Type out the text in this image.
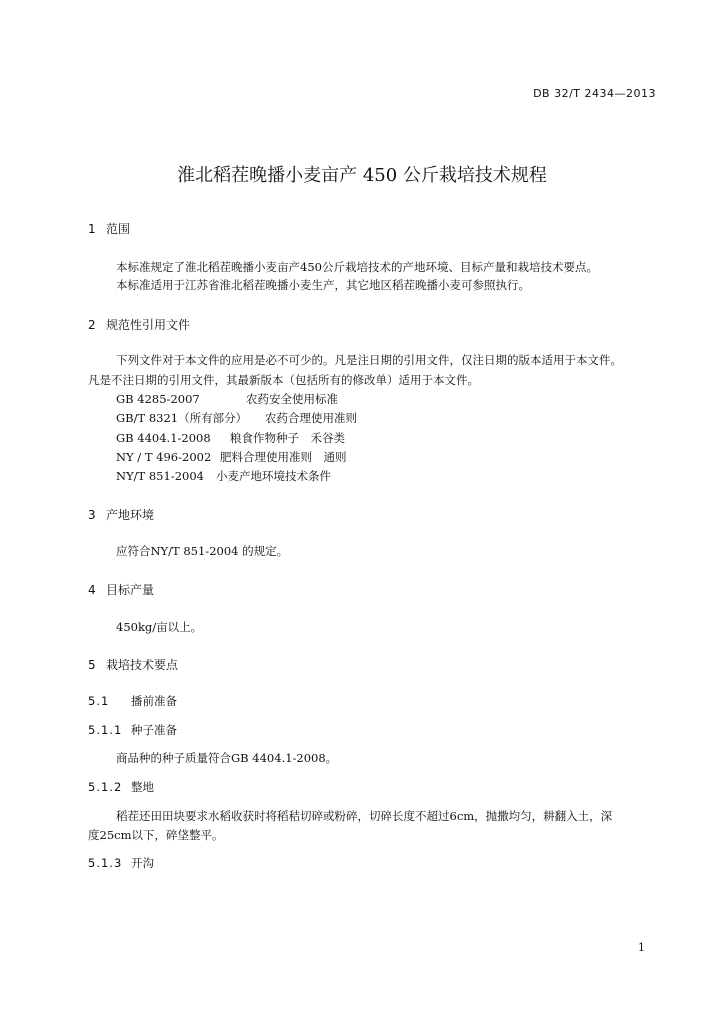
DB 32/T 2434—2013
淮北稻茬晚播小麦亩产 450 公斤栽培技术规程
1 范围
本标准规定了淮北稻茬晚播小麦亩产450公斤栽培技术的产地环境、目标产量和栽培技术要点。
本标准适用于江苏省淮北稻茬晚播小麦生产，其它地区稻茬晚播小麦可参照执行。
2 规范性引用文件
下列文件对于本文件的应用是必不可少的。凡是注日期的引用文件，仅注日期的版本适用于本文件。
凡是不注日期的引用文件，其最新版本（包括所有的修改单）适用于本文件。
GB 4285-2007	农药安全使用标准
GB/T 8321（所有部分） 农药合理使用准则
GB 4404.1-2008 粮食作物种子　禾谷类
NY / T 496-2002 肥料合理使用准则　通则
NY/T 851-2004 小麦产地环境技术条件
3 产地环境
应符合NY/T 851-2004 的规定。
4 目标产量
450kg/亩以上。
5 栽培技术要点
5.1 播前准备
5.1.1 种子准备
商品种的种子质量符合GB 4404.1-2008。
5.1.2 整地
稻茬还田田块要求水稻收获时将稻秸切碎或粉碎，切碎长度不超过6cm，抛撒均匀，耕翻入土，深
度25cm以下，碎垡整平。
5.1.3 开沟
1
